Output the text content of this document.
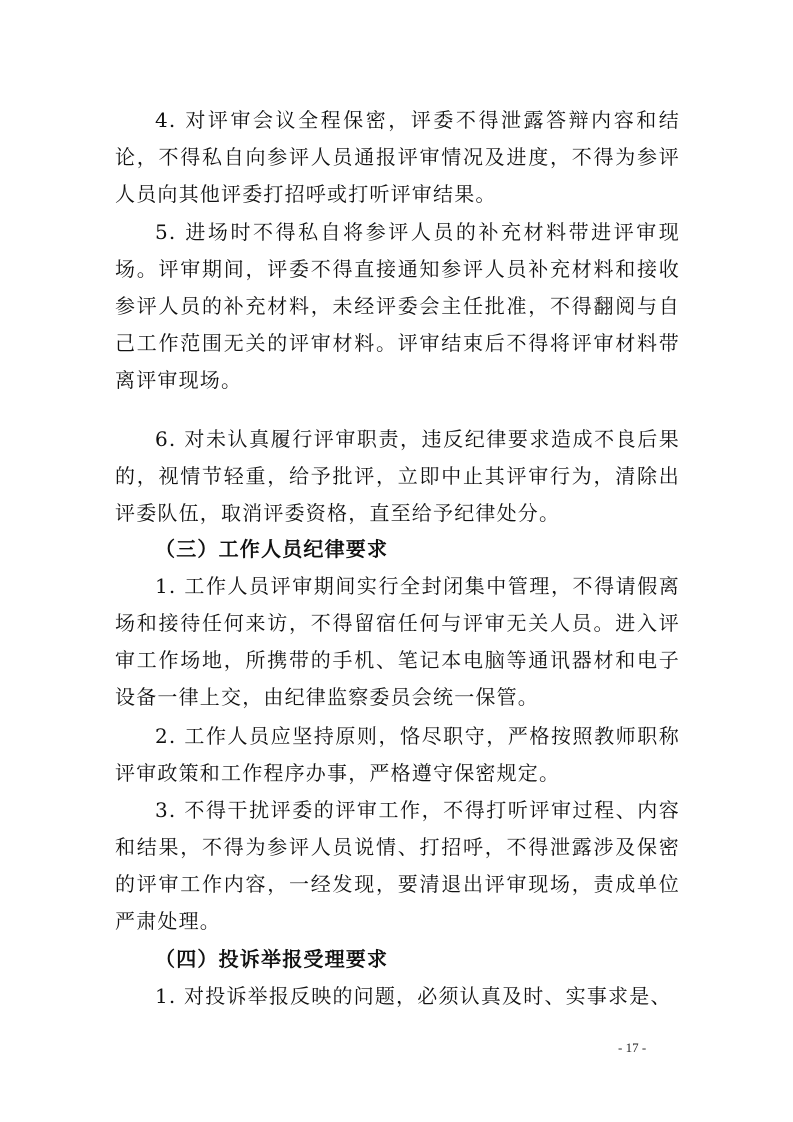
4. 对评审会议全程保密，评委不得泄露答辩内容和结论，不得私自向参评人员通报评审情况及进度，不得为参评人员向其他评委打招呼或打听评审结果。

5. 进场时不得私自将参评人员的补充材料带进评审现场。评审期间，评委不得直接通知参评人员补充材料和接收参评人员的补充材料，未经评委会主任批准，不得翻阅与自己工作范围无关的评审材料。评审结束后不得将评审材料带离评审现场。

6. 对未认真履行评审职责，违反纪律要求造成不良后果的，视情节轻重，给予批评，立即中止其评审行为，清除出评委队伍，取消评委资格，直至给予纪律处分。

（三）工作人员纪律要求

1. 工作人员评审期间实行全封闭集中管理，不得请假离场和接待任何来访，不得留宿任何与评审无关人员。进入评审工作场地，所携带的手机、笔记本电脑等通讯器材和电子设备一律上交，由纪律监察委员会统一保管。

2. 工作人员应坚持原则，恪尽职守，严格按照教师职称评审政策和工作程序办事，严格遵守保密规定。

3. 不得干扰评委的评审工作，不得打听评审过程、内容和结果，不得为参评人员说情、打招呼，不得泄露涉及保密的评审工作内容，一经发现，要清退出评审现场，责成单位严肃处理。

（四）投诉举报受理要求

1. 对投诉举报反映的问题，必须认真及时、实事求是、

- 17 -
